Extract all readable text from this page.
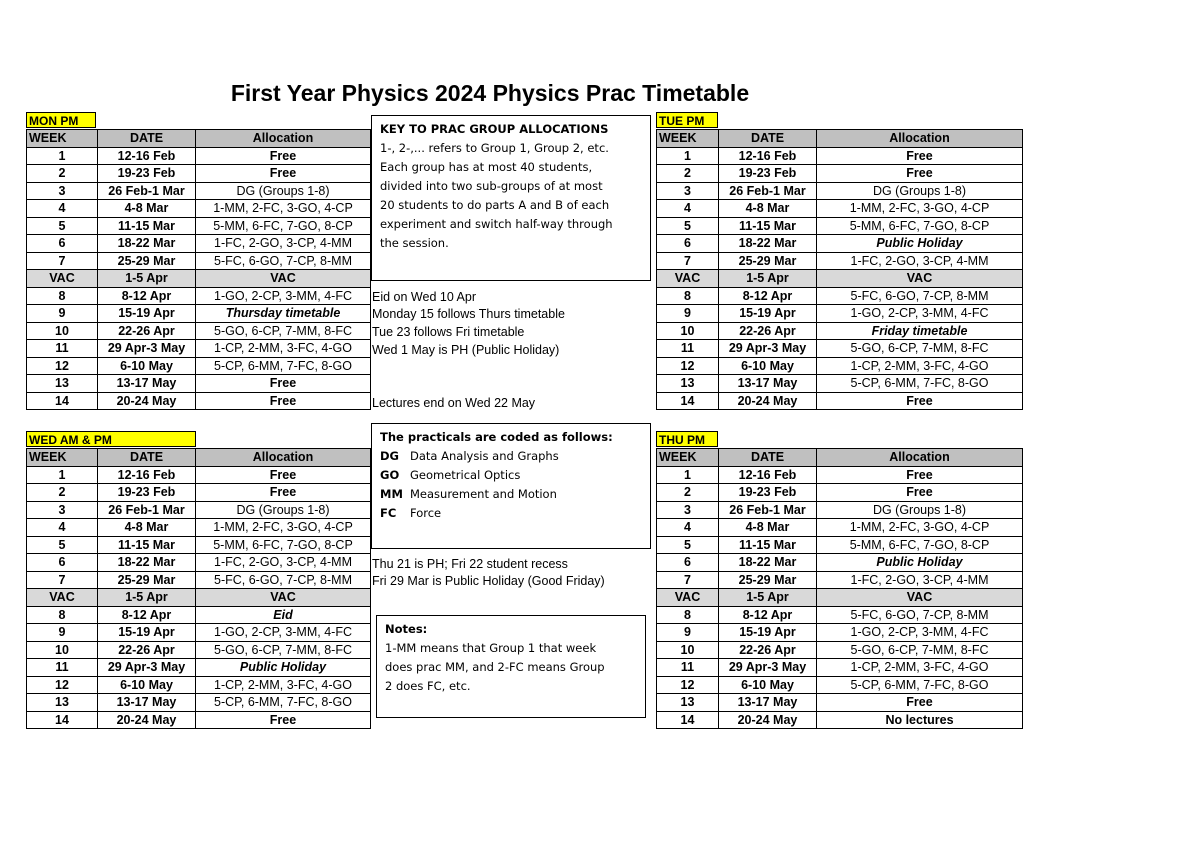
First Year Physics 2024 Physics Prac Timetable
MON PM
WEEK	DATE	Allocation
1	12-16 Feb	Free
2	19-23 Feb	Free
3	26 Feb-1 Mar	DG (Groups 1-8)
4	4-8 Mar	1-MM, 2-FC, 3-GO, 4-CP
5	11-15 Mar	5-MM, 6-FC, 7-GO, 8-CP
6	18-22 Mar	1-FC, 2-GO, 3-CP, 4-MM
7	25-29 Mar	5-FC, 6-GO, 7-CP, 8-MM
VAC	1-5 Apr	VAC
8	8-12 Apr	1-GO, 2-CP, 3-MM, 4-FC
9	15-19 Apr	Thursday timetable
10	22-26 Apr	5-GO, 6-CP, 7-MM, 8-FC
11	29 Apr-3 May	1-CP, 2-MM, 3-FC, 4-GO
12	6-10 May	5-CP, 6-MM, 7-FC, 8-GO
13	13-17 May	Free
14	20-24 May	Free
TUE PM
WEEK	DATE	Allocation
1	12-16 Feb	Free
2	19-23 Feb	Free
3	26 Feb-1 Mar	DG (Groups 1-8)
4	4-8 Mar	1-MM, 2-FC, 3-GO, 4-CP
5	11-15 Mar	5-MM, 6-FC, 7-GO, 8-CP
6	18-22 Mar	Public Holiday
7	25-29 Mar	1-FC, 2-GO, 3-CP, 4-MM
VAC	1-5 Apr	VAC
8	8-12 Apr	5-FC, 6-GO, 7-CP, 8-MM
9	15-19 Apr	1-GO, 2-CP, 3-MM, 4-FC
10	22-26 Apr	Friday timetable
11	29 Apr-3 May	5-GO, 6-CP, 7-MM, 8-FC
12	6-10 May	1-CP, 2-MM, 3-FC, 4-GO
13	13-17 May	5-CP, 6-MM, 7-FC, 8-GO
14	20-24 May	Free
WED AM & PM
WEEK	DATE	Allocation
1	12-16 Feb	Free
2	19-23 Feb	Free
3	26 Feb-1 Mar	DG (Groups 1-8)
4	4-8 Mar	1-MM, 2-FC, 3-GO, 4-CP
5	11-15 Mar	5-MM, 6-FC, 7-GO, 8-CP
6	18-22 Mar	1-FC, 2-GO, 3-CP, 4-MM
7	25-29 Mar	5-FC, 6-GO, 7-CP, 8-MM
VAC	1-5 Apr	VAC
8	8-12 Apr	Eid
9	15-19 Apr	1-GO, 2-CP, 3-MM, 4-FC
10	22-26 Apr	5-GO, 6-CP, 7-MM, 8-FC
11	29 Apr-3 May	Public Holiday
12	6-10 May	1-CP, 2-MM, 3-FC, 4-GO
13	13-17 May	5-CP, 6-MM, 7-FC, 8-GO
14	20-24 May	Free
THU PM
WEEK	DATE	Allocation
1	12-16 Feb	Free
2	19-23 Feb	Free
3	26 Feb-1 Mar	DG (Groups 1-8)
4	4-8 Mar	1-MM, 2-FC, 3-GO, 4-CP
5	11-15 Mar	5-MM, 6-FC, 7-GO, 8-CP
6	18-22 Mar	Public Holiday
7	25-29 Mar	1-FC, 2-GO, 3-CP, 4-MM
VAC	1-5 Apr	VAC
8	8-12 Apr	5-FC, 6-GO, 7-CP, 8-MM
9	15-19 Apr	1-GO, 2-CP, 3-MM, 4-FC
10	22-26 Apr	5-GO, 6-CP, 7-MM, 8-FC
11	29 Apr-3 May	1-CP, 2-MM, 3-FC, 4-GO
12	6-10 May	5-CP, 6-MM, 7-FC, 8-GO
13	13-17 May	Free
14	20-24 May	No lectures
KEY TO PRAC GROUP ALLOCATIONS
1-, 2-,... refers to Group 1, Group 2, etc.
Each group has at most 40 students,
divided into two sub-groups of at most
20 students to do parts A and B of each
experiment and switch half-way through
the session.
The practicals are coded as follows:
DG Data Analysis and Graphs
GO Geometrical Optics
MM Measurement and Motion
FC	Force
Notes:
1-MM means that Group 1 that week
does prac MM, and 2-FC means Group
2 does FC, etc.
Eid on Wed 10 Apr
Monday 15 follows Thurs timetable
Tue 23 follows Fri timetable
Wed 1 May is PH (Public Holiday)
Lectures end on Wed 22 May
Thu 21 is PH; Fri 22 student recess
Fri 29 Mar is Public Holiday (Good Friday)
